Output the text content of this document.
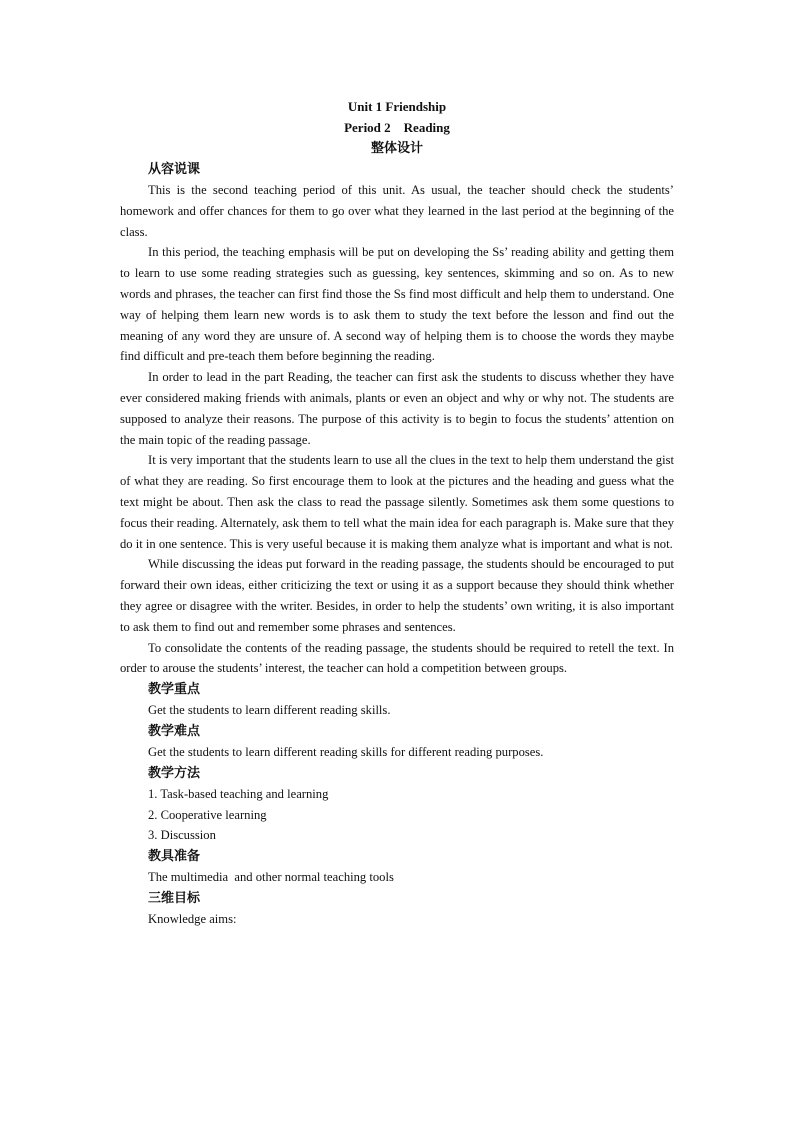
Unit 1 Friendship
Period 2    Reading
整体设计
从容说课

This is the second teaching period of this unit. As usual, the teacher should check the students’ homework and offer chances for them to go over what they learned in the last period at the beginning of the class.

In this period, the teaching emphasis will be put on developing the Ss’ reading ability and getting them to learn to use some reading strategies such as guessing, key sentences, skimming and so on. As to new words and phrases, the teacher can first find those the Ss find most difficult and help them to understand. One way of helping them learn new words is to ask them to study the text before the lesson and find out the meaning of any word they are unsure of. A second way of helping them is to choose the words they maybe find difficult and pre-teach them before beginning the reading.

In order to lead in the part Reading, the teacher can first ask the students to discuss whether they have ever considered making friends with animals, plants or even an object and why or why not. The students are supposed to analyze their reasons. The purpose of this activity is to begin to focus the students’ attention on the main topic of the reading passage.

It is very important that the students learn to use all the clues in the text to help them understand the gist of what they are reading. So first encourage them to look at the pictures and the heading and guess what the text might be about. Then ask the class to read the passage silently. Sometimes ask them some questions to focus their reading. Alternately, ask them to tell what the main idea for each paragraph is. Make sure that they do it in one sentence. This is very useful because it is making them analyze what is important and what is not.

While discussing the ideas put forward in the reading passage, the students should be encouraged to put forward their own ideas, either criticizing the text or using it as a support because they should think whether they agree or disagree with the writer. Besides, in order to help the students’ own writing, it is also important to ask them to find out and remember some phrases and sentences.

To consolidate the contents of the reading passage, the students should be required to retell the text. In order to arouse the students’ interest, the teacher can hold a competition between groups.

教学重点

Get the students to learn different reading skills.

教学难点

Get the students to learn different reading skills for different reading purposes.

教学方法

1. Task-based teaching and learning

2. Cooperative learning

3. Discussion

教具准备

The multimedia  and other normal teaching tools

三维目标

Knowledge aims:
